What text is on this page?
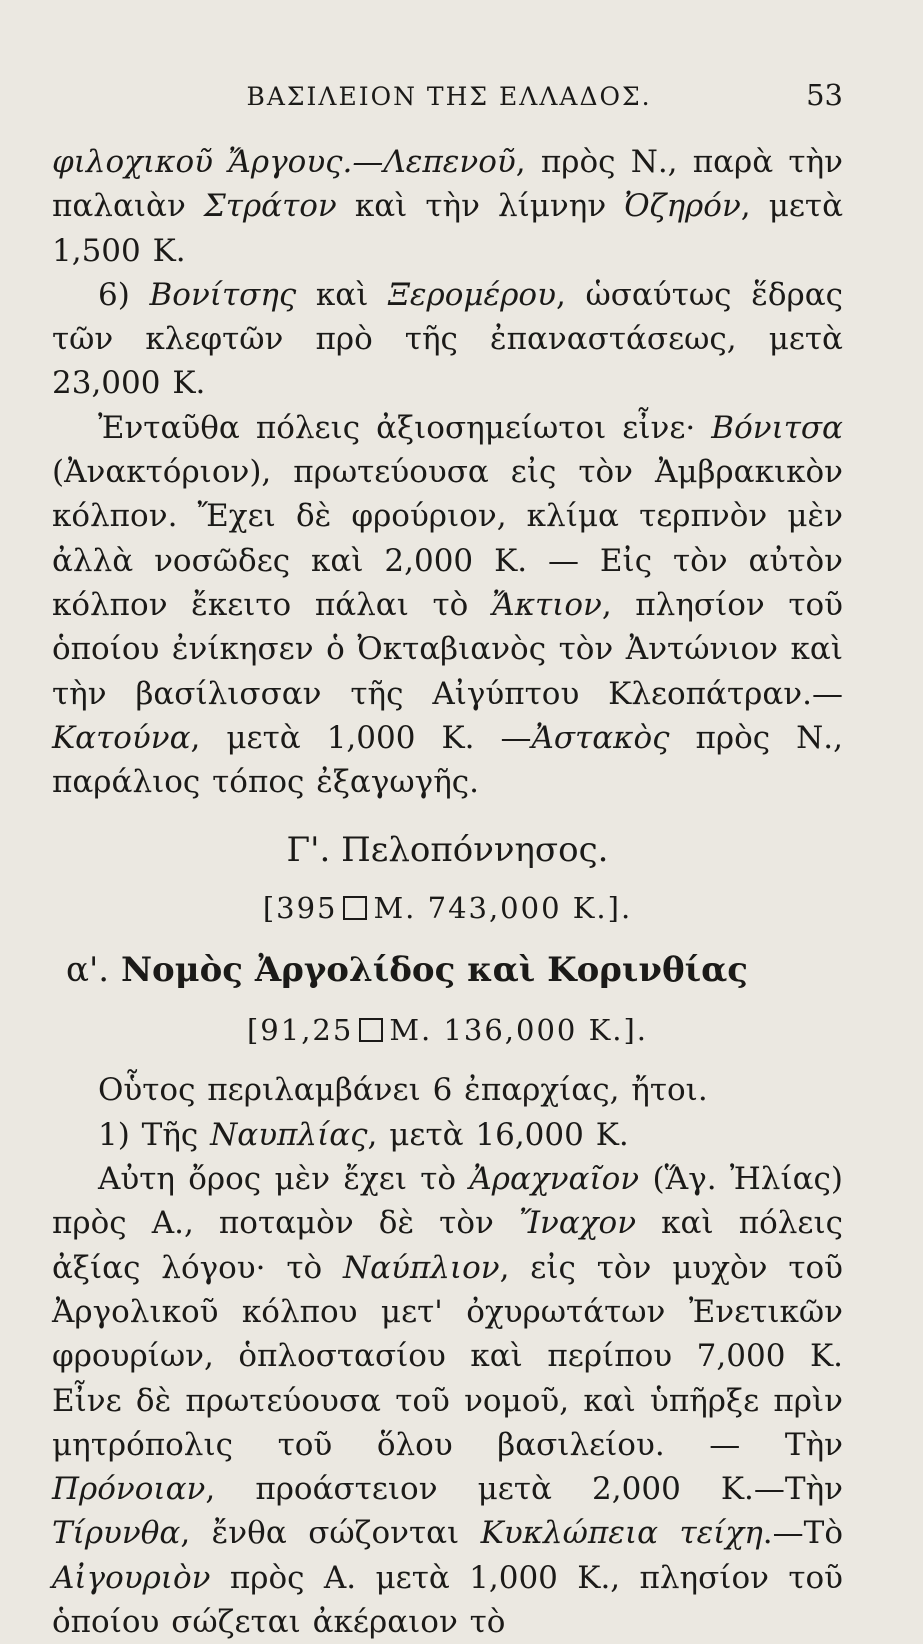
ΒΑΣΙΛΕΙΟΝ ΤΗΣ ΕΛΛΑΔΟΣ.	53

φιλοχικοῦ Ἄργους.—Λεπενοῦ, πρὸς Ν., παρὰ τὴν παλαιὰν Στράτον καὶ τὴν λίμνην Ὀζηρόν, μετὰ 1,500 Κ.

6) Βονίτσης καὶ Ξερομέρου, ὡσαύτως ἕδρας τῶν κλεφτῶν πρὸ τῆς ἐπαναστάσεως, μετὰ 23,000 Κ.

Ἐνταῦθα πόλεις ἀξιοσημείωτοι εἶνε· Βόνιτσα (Ἀνακτόριον), πρωτεύουσα εἰς τὸν Ἀμβρακικὸν κόλπον. Ἔχει δὲ φρούριον, κλίμα τερπνὸν μὲν ἀλλὰ νοσῶδες καὶ 2,000 Κ. — Εἰς τὸν αὐτὸν κόλπον ἔκειτο πάλαι τὸ Ἄκτιον, πλησίον τοῦ ὁποίου ἐνίκησεν ὁ Ὀκταβιανὸς τὸν Ἀντώνιον καὶ τὴν βασίλισσαν τῆς Αἰγύπτου Κλεοπάτραν.— Κατούνα, μετὰ 1,000 Κ. —Ἀστακὸς πρὸς Ν., παράλιος τόπος ἐξαγωγῆς.

Γ'. Πελοπόννησος.
[395 Μ. 743,000 Κ.].
α'. Νομὸς Ἀργολίδος καὶ Κορινθίας
[91,25 Μ. 136,000 Κ.].

Οὗτος περιλαμβάνει 6 ἐπαρχίας, ἤτοι.

1) Τῆς Ναυπλίας, μετὰ 16,000 Κ.

Αὐτη ὄρος μὲν ἔχει τὸ Ἀραχναῖον (Ἅγ. Ἠλίας) πρὸς Α., ποταμὸν δὲ τὸν Ἴναχον καὶ πόλεις ἀξίας λόγου· τὸ Ναύπλιον, εἰς τὸν μυχὸν τοῦ Ἀργολικοῦ κόλπου μετ' ὀχυρωτάτων Ἐνετικῶν φρουρίων, ὁπλοστασίου καὶ περίπου 7,000 Κ. Εἶνε δὲ πρωτεύουσα τοῦ νομοῦ, καὶ ὑπῆρξε πρὶν μητρόπολις τοῦ ὅλου βασιλείου. — Τὴν Πρόνοιαν, προάστειον μετὰ 2,000 Κ.—Τὴν Τίρυνθα, ἔνθα σώζονται Κυκλώπεια τείχη.—Τὸ Αἰγουριὸν πρὸς Α. μετὰ 1,000 Κ., πλησίον τοῦ ὁποίου σώζεται ἀκέραιον τὸ
